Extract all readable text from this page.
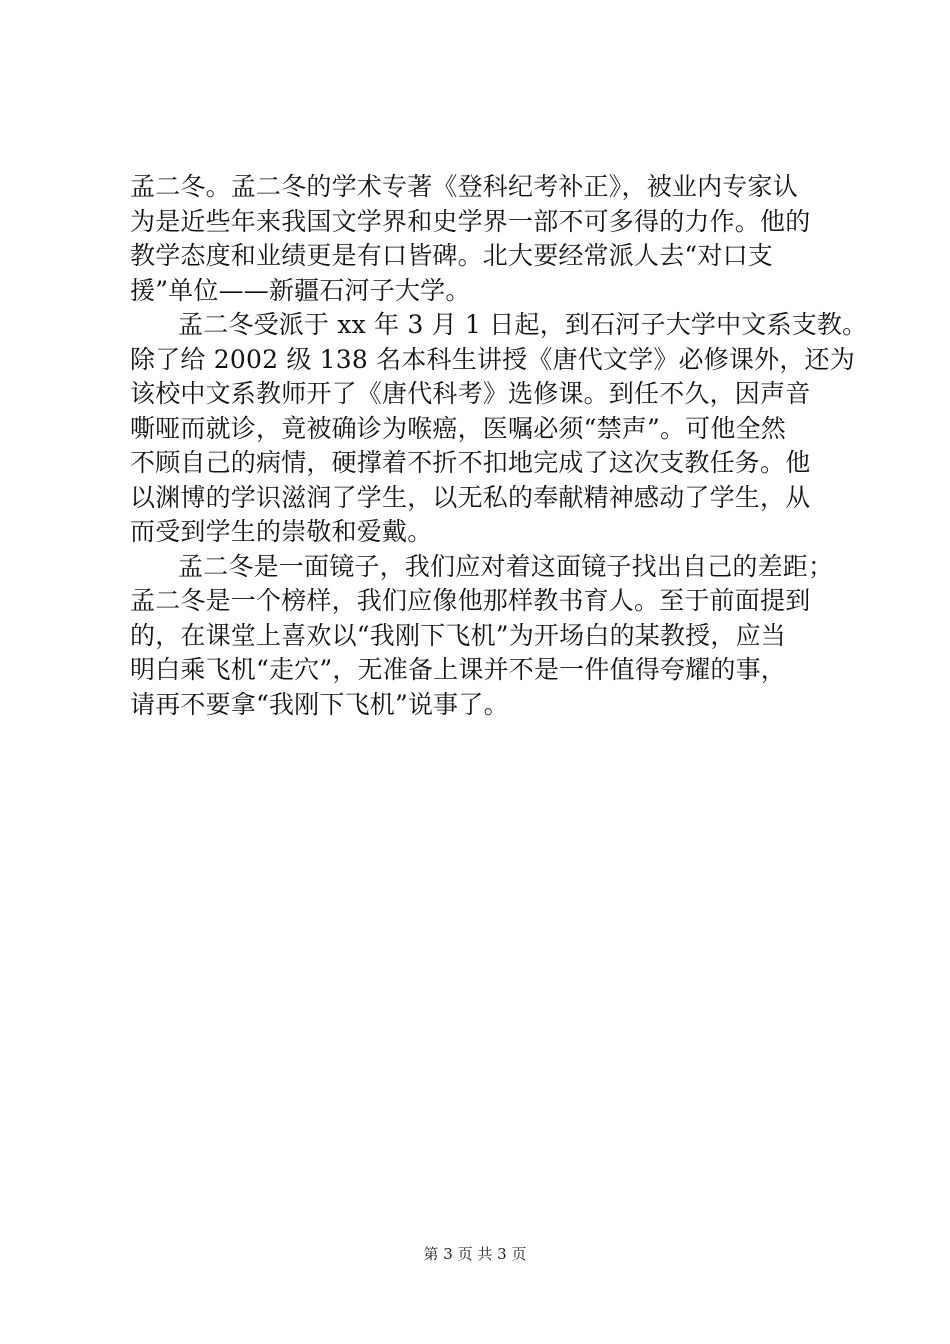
孟二冬。孟二冬的学术专著《登科纪考补正》，被业内专家认
为是近些年来我国文学界和史学界一部不可多得的力作。他的
教学态度和业绩更是有口皆碑。北大要经常派人去“对口支
援”单位——新疆石河子大学。
孟二冬受派于 xx 年 3 月 1 日起，到石河子大学中文系支教。
除了给 2002 级 138 名本科生讲授《唐代文学》必修课外，还为
该校中文系教师开了《唐代科考》选修课。到任不久，因声音
嘶哑而就诊，竟被确诊为喉癌，医嘱必须“禁声”。可他全然
不顾自己的病情，硬撑着不折不扣地完成了这次支教任务。他
以渊博的学识滋润了学生，以无私的奉献精神感动了学生，从
而受到学生的崇敬和爱戴。
孟二冬是一面镜子，我们应对着这面镜子找出自己的差距；
孟二冬是一个榜样，我们应像他那样教书育人。至于前面提到
的，在课堂上喜欢以“我刚下飞机”为开场白的某教授，应当
明白乘飞机“走穴”，无准备上课并不是一件值得夸耀的事，
请再不要拿“我刚下飞机”说事了。
第 3 页 共 3 页
